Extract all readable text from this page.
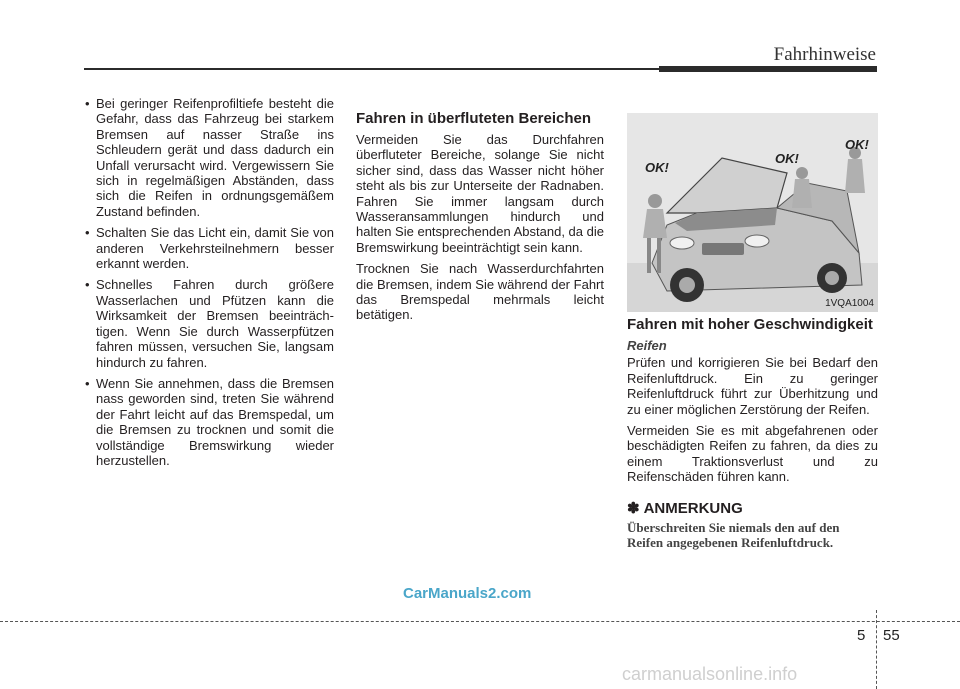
Fahrhinweise
• Bei geringer Reifenprofiltiefe besteht die Gefahr, dass das Fahrzeug bei starkem Bremsen auf nasser Straße ins Schleudern gerät und dass dadurch ein Unfall verursacht wird. Vergewissern Sie sich in regelmäßigen Abständen, dass sich die Reifen in ordnungsgemäßem Zustand befinden.
• Schalten Sie das Licht ein, damit Sie von anderen Verkehrsteilnehmern besser erkannt werden.
• Schnelles Fahren durch größere Wasserlachen und Pfützen kann die Wirksamkeit der Bremsen beeinträch-tigen. Wenn Sie durch Wasserpfützen fahren müssen, versuchen Sie, langsam hindurch zu fahren.
• Wenn Sie annehmen, dass die Bremsen nass geworden sind, treten Sie während der Fahrt leicht auf das Bremspedal, um die Bremsen zu trocknen und somit die vollständige Bremswirkung wieder herzustellen.
Fahren in überfluteten Bereichen

Vermeiden Sie das Durchfahren überfluteter Bereiche, solange Sie nicht sicher sind, dass das Wasser nicht höher steht als bis zur Unterseite der Radnaben. Fahren Sie immer langsam durch Wasseransammlungen hindurch und halten Sie entsprechenden Abstand, da die Bremswirkung beeinträchtigt sein kann.

Trocknen Sie nach Wasserdurchfahrten die Bremsen, indem Sie während der Fahrt das Bremspedal mehrmals leicht betätigen.

OK!
OK!
OK!
1VQA1004
Fahren mit hoher Geschwindigkeit
Reifen

Prüfen und korrigieren Sie bei Bedarf den Reifenluftdruck. Ein zu geringer Reifenluftdruck führt zur Überhitzung und zu einer möglichen Zerstörung der Reifen.

Vermeiden Sie es mit abgefahrenen oder beschädigten Reifen zu fahren, da dies zu einem Traktionsverlust und zu Reifenschäden führen kann.

✽ ANMERKUNG
Überschreiten Sie niemals den auf den Reifen angegebenen Reifenluftdruck.
CarManuals2.com
5 55
carmanualsonline.info
